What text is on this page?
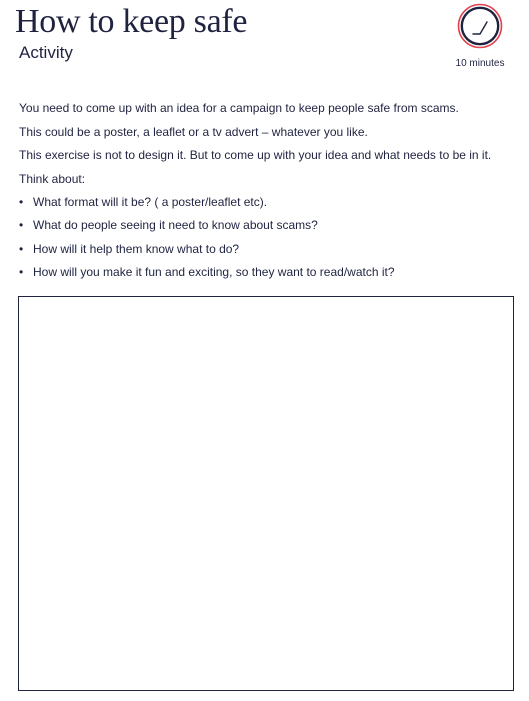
How to keep safe
Activity
10 minutes

You need to come up with an idea for a campaign to keep people safe from scams.

This could be a poster, a leaflet or a tv advert – whatever you like.

This exercise is not to design it. But to come up with your idea and what needs to be in it.

Think about:

• What format will it be? ( a poster/leaflet etc).
• What do people seeing it need to know about scams?
• How will it help them know what to do?
• How will you make it fun and exciting, so they want to read/watch it?
